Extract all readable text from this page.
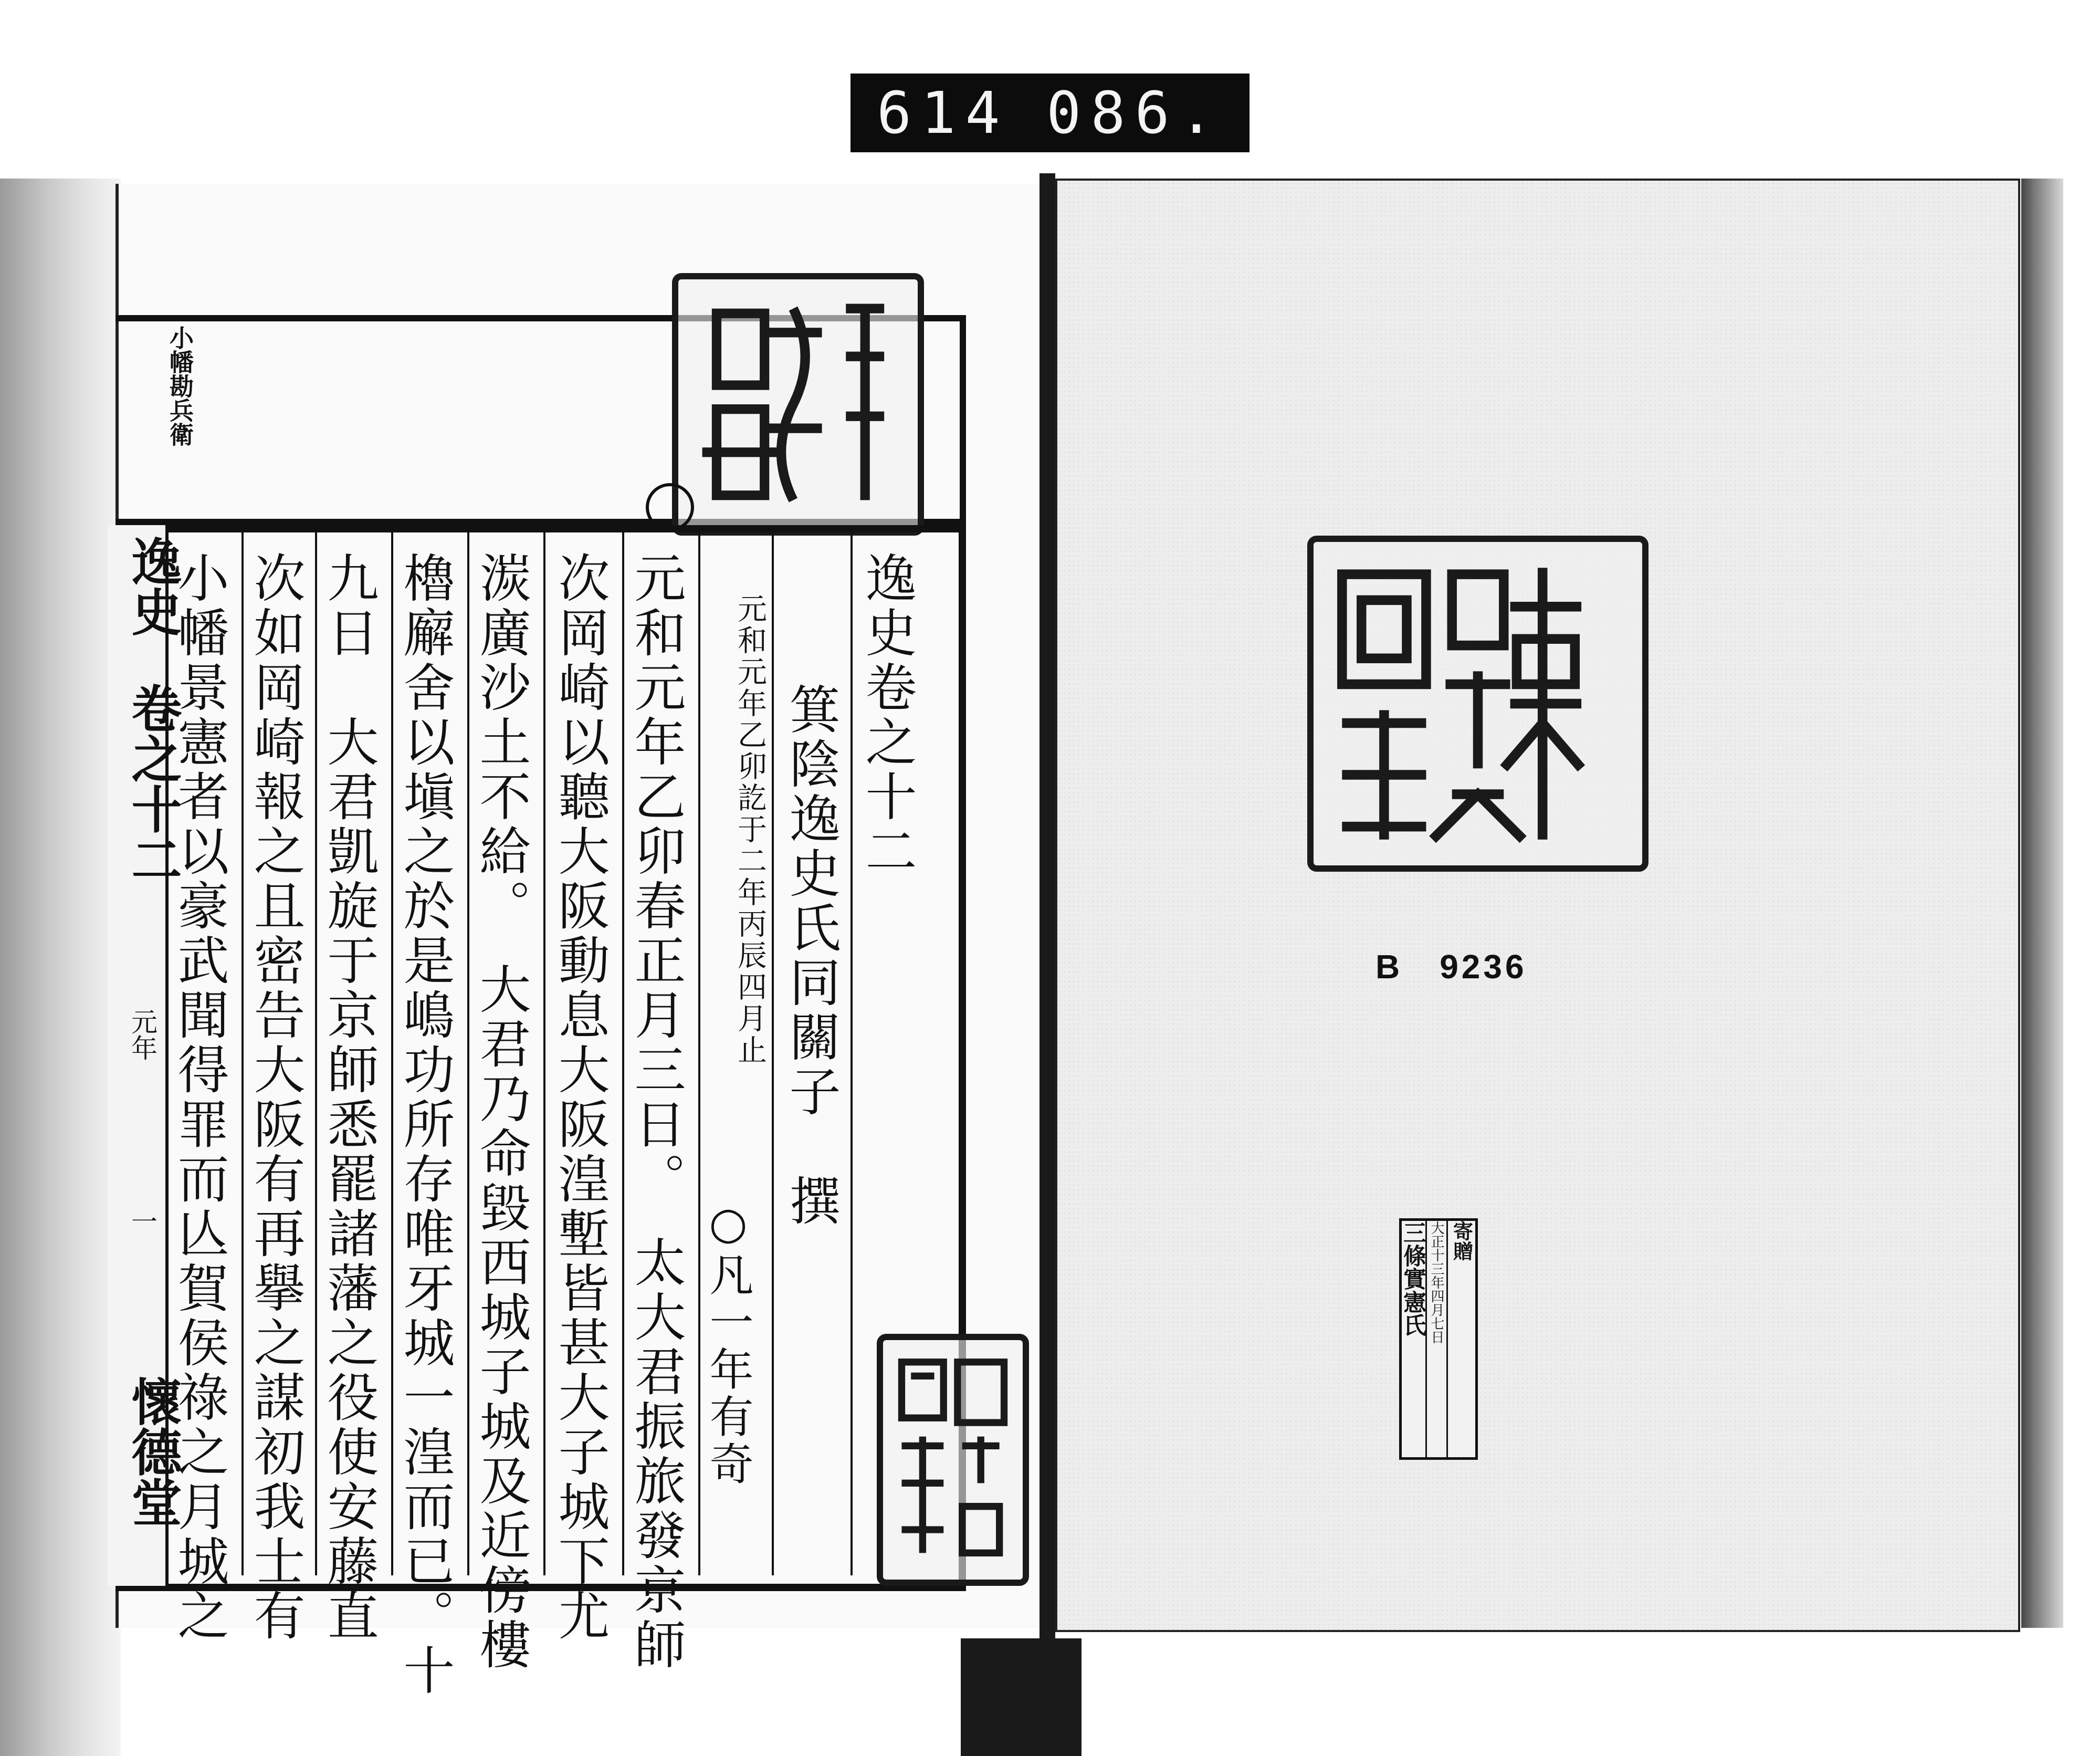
614 086.
小幡勘兵衛
逸史
卷之十二
元年
一
懷德堂
逸史卷之十二
箕陰逸史氏同關子　撰
元和元年乙卯訖于二年丙辰四月止
○凡一年有奇
元和元年乙卯春正月三日。　太大君振旅發京師
次岡崎以聽大阪動息大阪湟塹皆甚大子城下尤
湠廣沙土不給。　大君乃命毀西城子城及近傍樓
櫓廨舍以塡之於是嶋功所存唯牙城一湟而已。十
九日　大君凱旋于京師悉罷諸藩之役使安藤直
次如岡崎報之且密告大阪有再擧之謀初我士有
小幡景憲者以豪武聞得罪而亾賀侯祿之月城之	B　9236
寄贈
大正十三年四月七日
三條實憲氏
